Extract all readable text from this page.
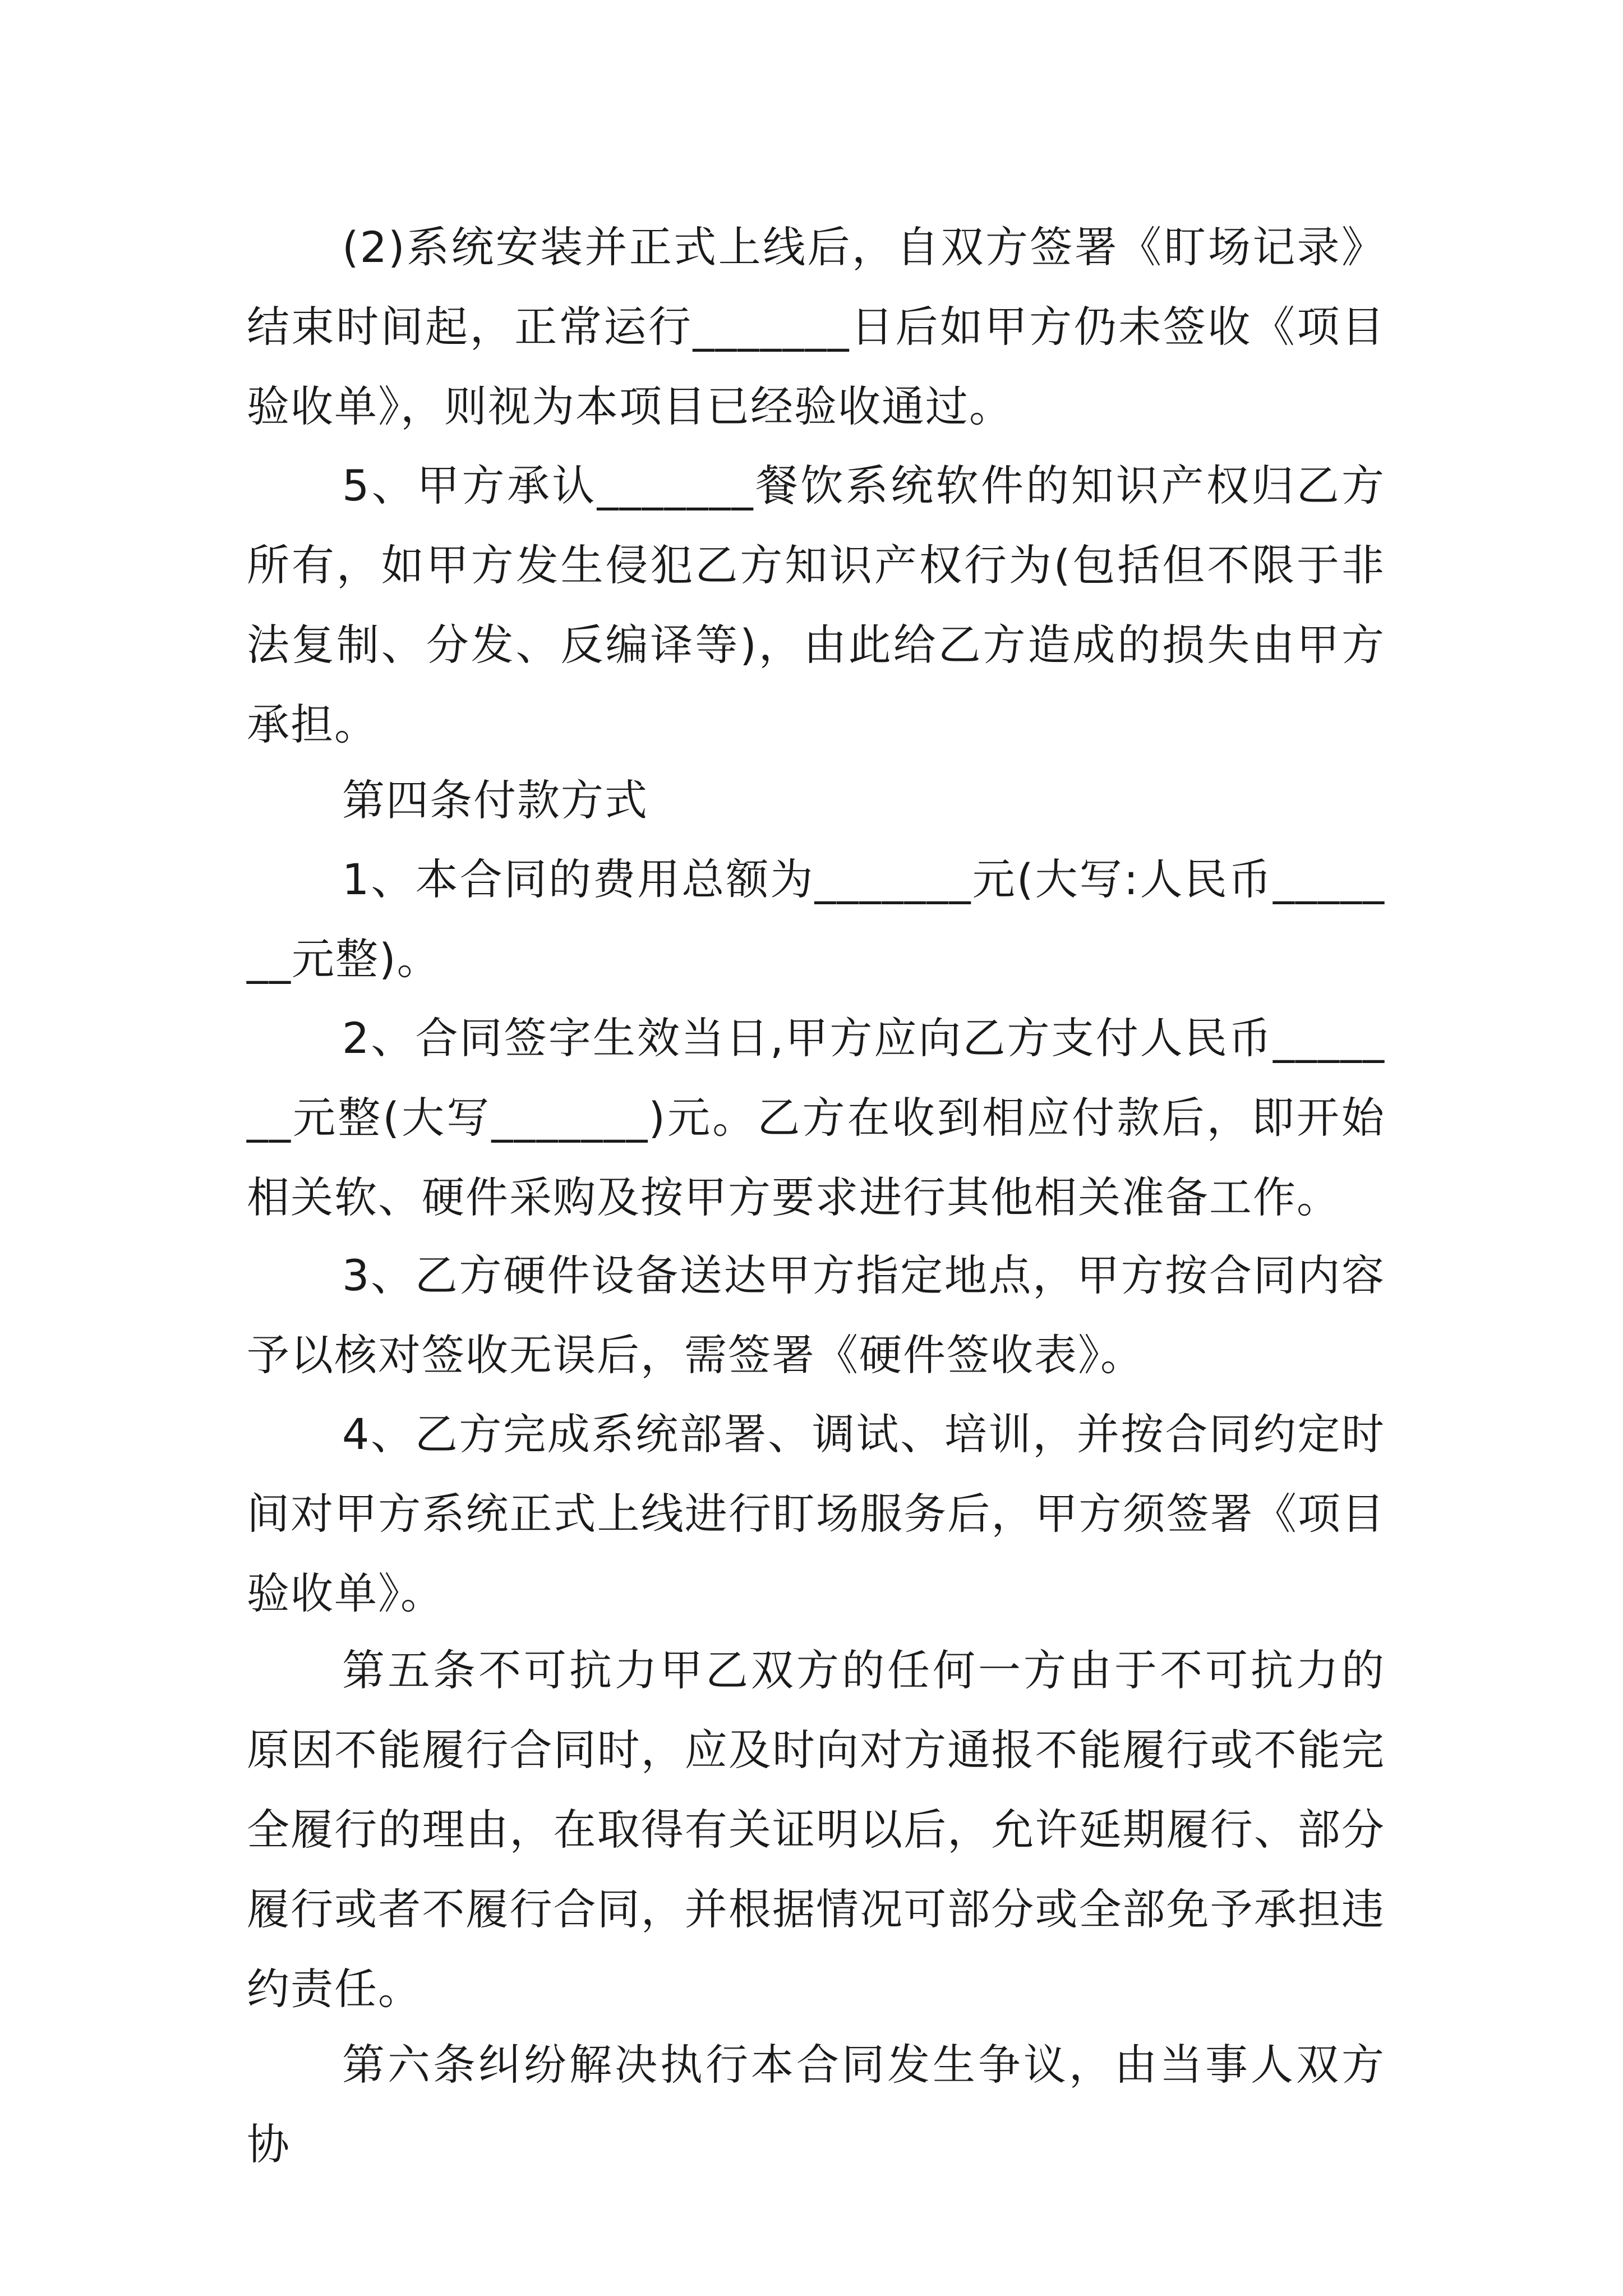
(2)系统安装并正式上线后，自双方签署《盯场记录》结束时间起，正常运行_______日后如甲方仍未签收《项目验收单》，则视为本项目已经验收通过。

5、甲方承认_______餐饮系统软件的知识产权归乙方所有，如甲方发生侵犯乙方知识产权行为(包括但不限于非法复制、分发、反编译等)，由此给乙方造成的损失由甲方承担。

第四条付款方式

1、本合同的费用总额为_______元(大写:人民币_______元整)。

2、合同签字生效当日,甲方应向乙方支付人民币_______元整(大写_______)元。乙方在收到相应付款后，即开始相关软、硬件采购及按甲方要求进行其他相关准备工作。

3、乙方硬件设备送达甲方指定地点，甲方按合同内容予以核对签收无误后，需签署《硬件签收表》。

4、乙方完成系统部署、调试、培训，并按合同约定时间对甲方系统正式上线进行盯场服务后，甲方须签署《项目验收单》。

第五条不可抗力甲乙双方的任何一方由于不可抗力的原因不能履行合同时，应及时向对方通报不能履行或不能完全履行的理由，在取得有关证明以后，允许延期履行、部分履行或者不履行合同，并根据情况可部分或全部免予承担违约责任。

第六条纠纷解决执行本合同发生争议，由当事人双方协
